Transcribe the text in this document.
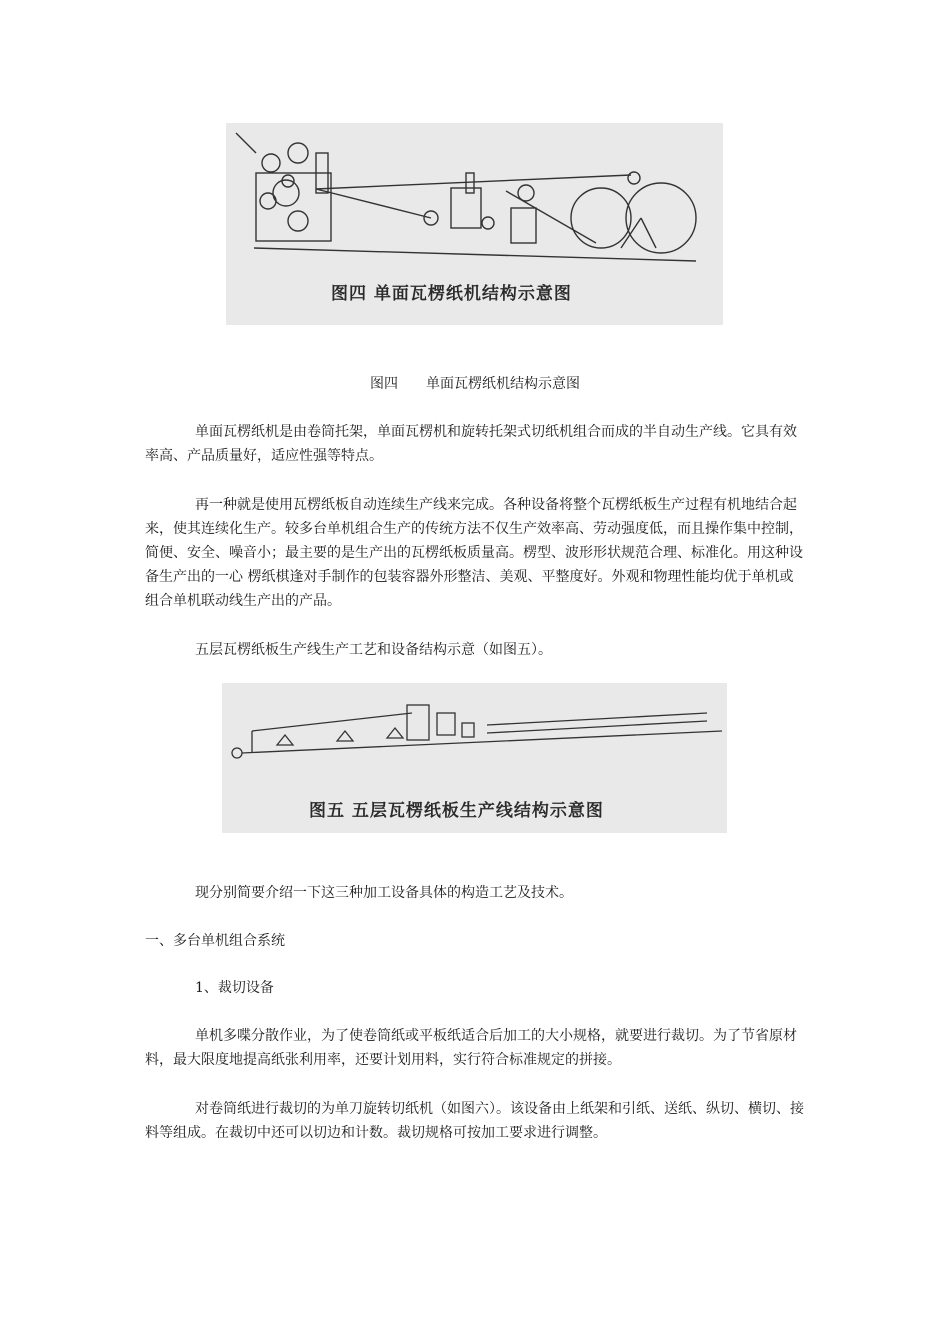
图四 单面瓦楞纸机结构示意图
图四　　单面瓦楞纸机结构示意图

单面瓦楞纸机是由卷筒托架，单面瓦楞机和旋转托架式切纸机组合而成的半自动生产线。它具有效率高、产品质量好，适应性强等特点。

再一种就是使用瓦楞纸板自动连续生产线来完成。各种设备将整个瓦楞纸板生产过程有机地结合起来，使其连续化生产。较多台单机组合生产的传统方法不仅生产效率高、劳动强度低，而且操作集中控制，简便、安全、噪音小；最主要的是生产出的瓦楞纸板质量高。楞型、波形形状规范合理、标准化。用这种设备生产出的一心 楞纸棋逢对手制作的包装容器外形整洁、美观、平整度好。外观和物理性能均优于单机或组合单机联动线生产出的产品。

五层瓦楞纸板生产线生产工艺和设备结构示意（如图五）。

图五 五层瓦楞纸板生产线结构示意图

现分别简要介绍一下这三种加工设备具体的构造工艺及技术。

一、多台单机组合系统

1、裁切设备

单机多喋分散作业，为了使卷筒纸或平板纸适合后加工的大小规格，就要进行裁切。为了节省原材料，最大限度地提高纸张利用率，还要计划用料，实行符合标准规定的拼接。

对卷筒纸进行裁切的为单刀旋转切纸机（如图六）。该设备由上纸架和引纸、送纸、纵切、横切、接料等组成。在裁切中还可以切边和计数。裁切规格可按加工要求进行调整。
